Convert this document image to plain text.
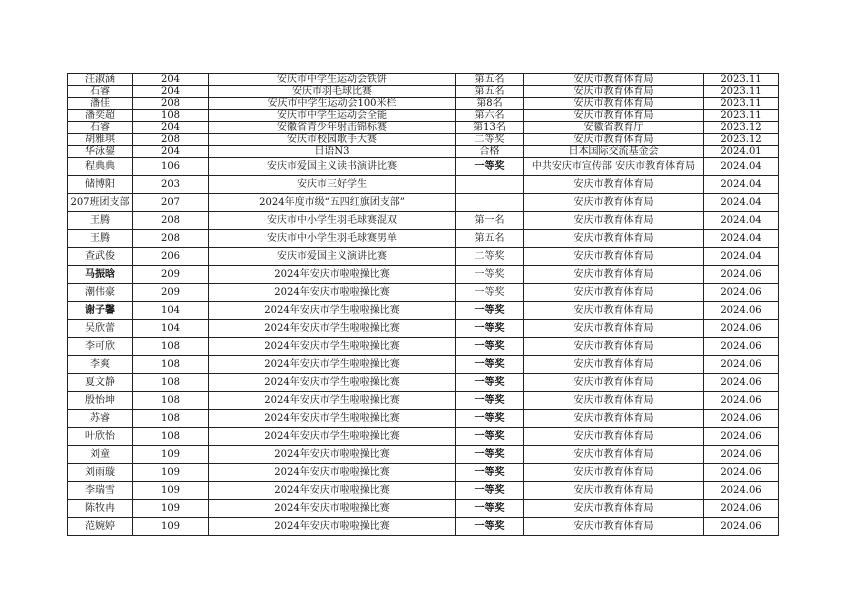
汪淑涵	204	安庆市中学生运动会铁饼	第五名	安庆市教育体育局	2023.11
石睿	204	安庆市羽毛球比赛	第五名	安庆市教育体育局	2023.11
潘佳	208	安庆市中学生运动会100米栏	第8名	安庆市教育体育局	2023.11
潘奕超	108	安庆市中学生运动会全能	第六名	安庆市教育体育局	2023.11
石睿	204	安徽省青少年射击锦标赛	第13名	安徽省教育厅	2023.12
胡雅琪	208	安庆市校园歌手大赛	二等奖	安庆市教育体育局	2023.12
华泳鋆	204	日语N3	合格	日本国际交流基金会	2024.01
程典典	106	安庆市爱国主义读书演讲比赛	一等奖	中共安庆市宣传部 安庆市教育体育局	2024.04
储博阳	203	安庆市三好学生		安庆市教育体育局	2024.04
207班团支部	207	2024年度市级“五四红旗团支部”		安庆市教育体育局	2024.04
王腾	208	安庆市中小学生羽毛球赛混双	第一名	安庆市教育体育局	2024.04
王腾	208	安庆市中小学生羽毛球赛男单	第五名	安庆市教育体育局	2024.04
查武俊	206	安庆市爱国主义演讲比赛	二等奖	安庆市教育体育局	2024.04
马振晗	209	2024年安庆市啦啦操比赛	一等奖	安庆市教育体育局	2024.06
潮伟豪	209	2024年安庆市啦啦操比赛	一等奖	安庆市教育体育局	2024.06
谢子馨	104	2024年安庆市学生啦啦操比赛	一等奖	安庆市教育体育局	2024.06
吴欣蕾	104	2024年安庆市学生啦啦操比赛	一等奖	安庆市教育体育局	2024.06
李可欣	108	2024年安庆市学生啦啦操比赛	一等奖	安庆市教育体育局	2024.06
李爽	108	2024年安庆市学生啦啦操比赛	一等奖	安庆市教育体育局	2024.06
夏文静	108	2024年安庆市学生啦啦操比赛	一等奖	安庆市教育体育局	2024.06
殷怡坤	108	2024年安庆市学生啦啦操比赛	一等奖	安庆市教育体育局	2024.06
苏睿	108	2024年安庆市学生啦啦操比赛	一等奖	安庆市教育体育局	2024.06
叶欣怡	108	2024年安庆市学生啦啦操比赛	一等奖	安庆市教育体育局	2024.06
刘童	109	2024年安庆市啦啦操比赛	一等奖	安庆市教育体育局	2024.06
刘雨璇	109	2024年安庆市啦啦操比赛	一等奖	安庆市教育体育局	2024.06
李瑞雪	109	2024年安庆市啦啦操比赛	一等奖	安庆市教育体育局	2024.06
陈牧冉	109	2024年安庆市啦啦操比赛	一等奖	安庆市教育体育局	2024.06
范婉婷	109	2024年安庆市啦啦操比赛	一等奖	安庆市教育体育局	2024.06
